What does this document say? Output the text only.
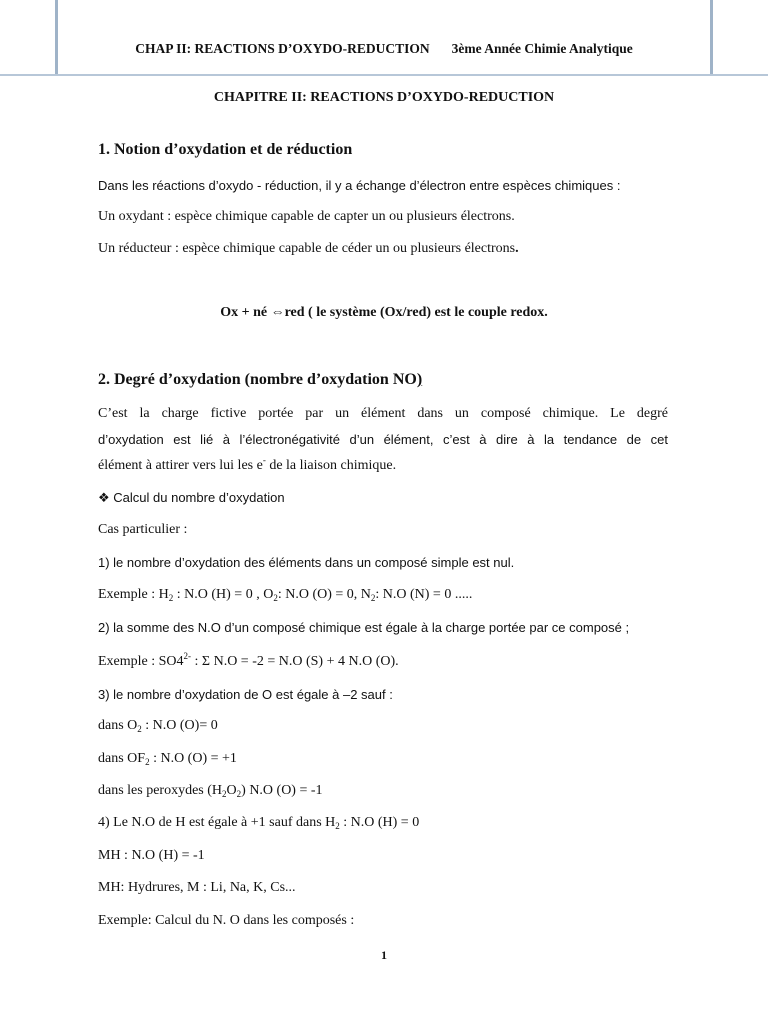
CHAP II: REACTIONS D’OXYDO-REDUCTION 3ème Année Chimie Analytique
CHAPITRE II: REACTIONS D’OXYDO-REDUCTION
1. Notion d’oxydation et de réduction
Dans les réactions d’oxydo - réduction, il y a échange d’électron entre espèces chimiques :
Un oxydant : espèce chimique capable de capter un ou plusieurs électrons.
Un réducteur : espèce chimique capable de céder un ou plusieurs électrons.
Ox + né ⇔red ( le système (Ox/red) est le couple redox.
2. Degré d’oxydation (nombre d’oxydation NO)
C’est la charge fictive portée par un élément dans un composé chimique. Le degré
d’oxydation est lié à l’électronégativité d’un élément, c’est à dire à la tendance de cet
élément à attirer vers lui les e- de la liaison chimique.
❖ Calcul du nombre d’oxydation
Cas particulier :
1) le nombre d’oxydation des éléments dans un composé simple est nul.
Exemple : $H_2$ : N.O (H) = 0 , $O_2$: N.O (O) = 0, $N_2$: N.O (N) = 0 .....
2) la somme des N.O d’un composé chimique est égale à la charge portée par ce composé ;
Exemple : $SO4^{2-}$ : Σ N.O = -2 = N.O (S) + 4 N.O (O).
3) le nombre d’oxydation de O est égale à –2 sauf :
dans $O_2$ : N.O (O)= 0
dans $OF_2$ : N.O (O) = +1
dans les peroxydes $(H_2O_2)$ N.O (O) = -1
4) Le N.O de H est égale à +1 sauf dans $H_2$ : N.O (H) = 0
MH : N.O (H) = -1
MH: Hydrures, M : Li, Na, K, Cs...
Exemple: Calcul du N. O dans les composés :
1
